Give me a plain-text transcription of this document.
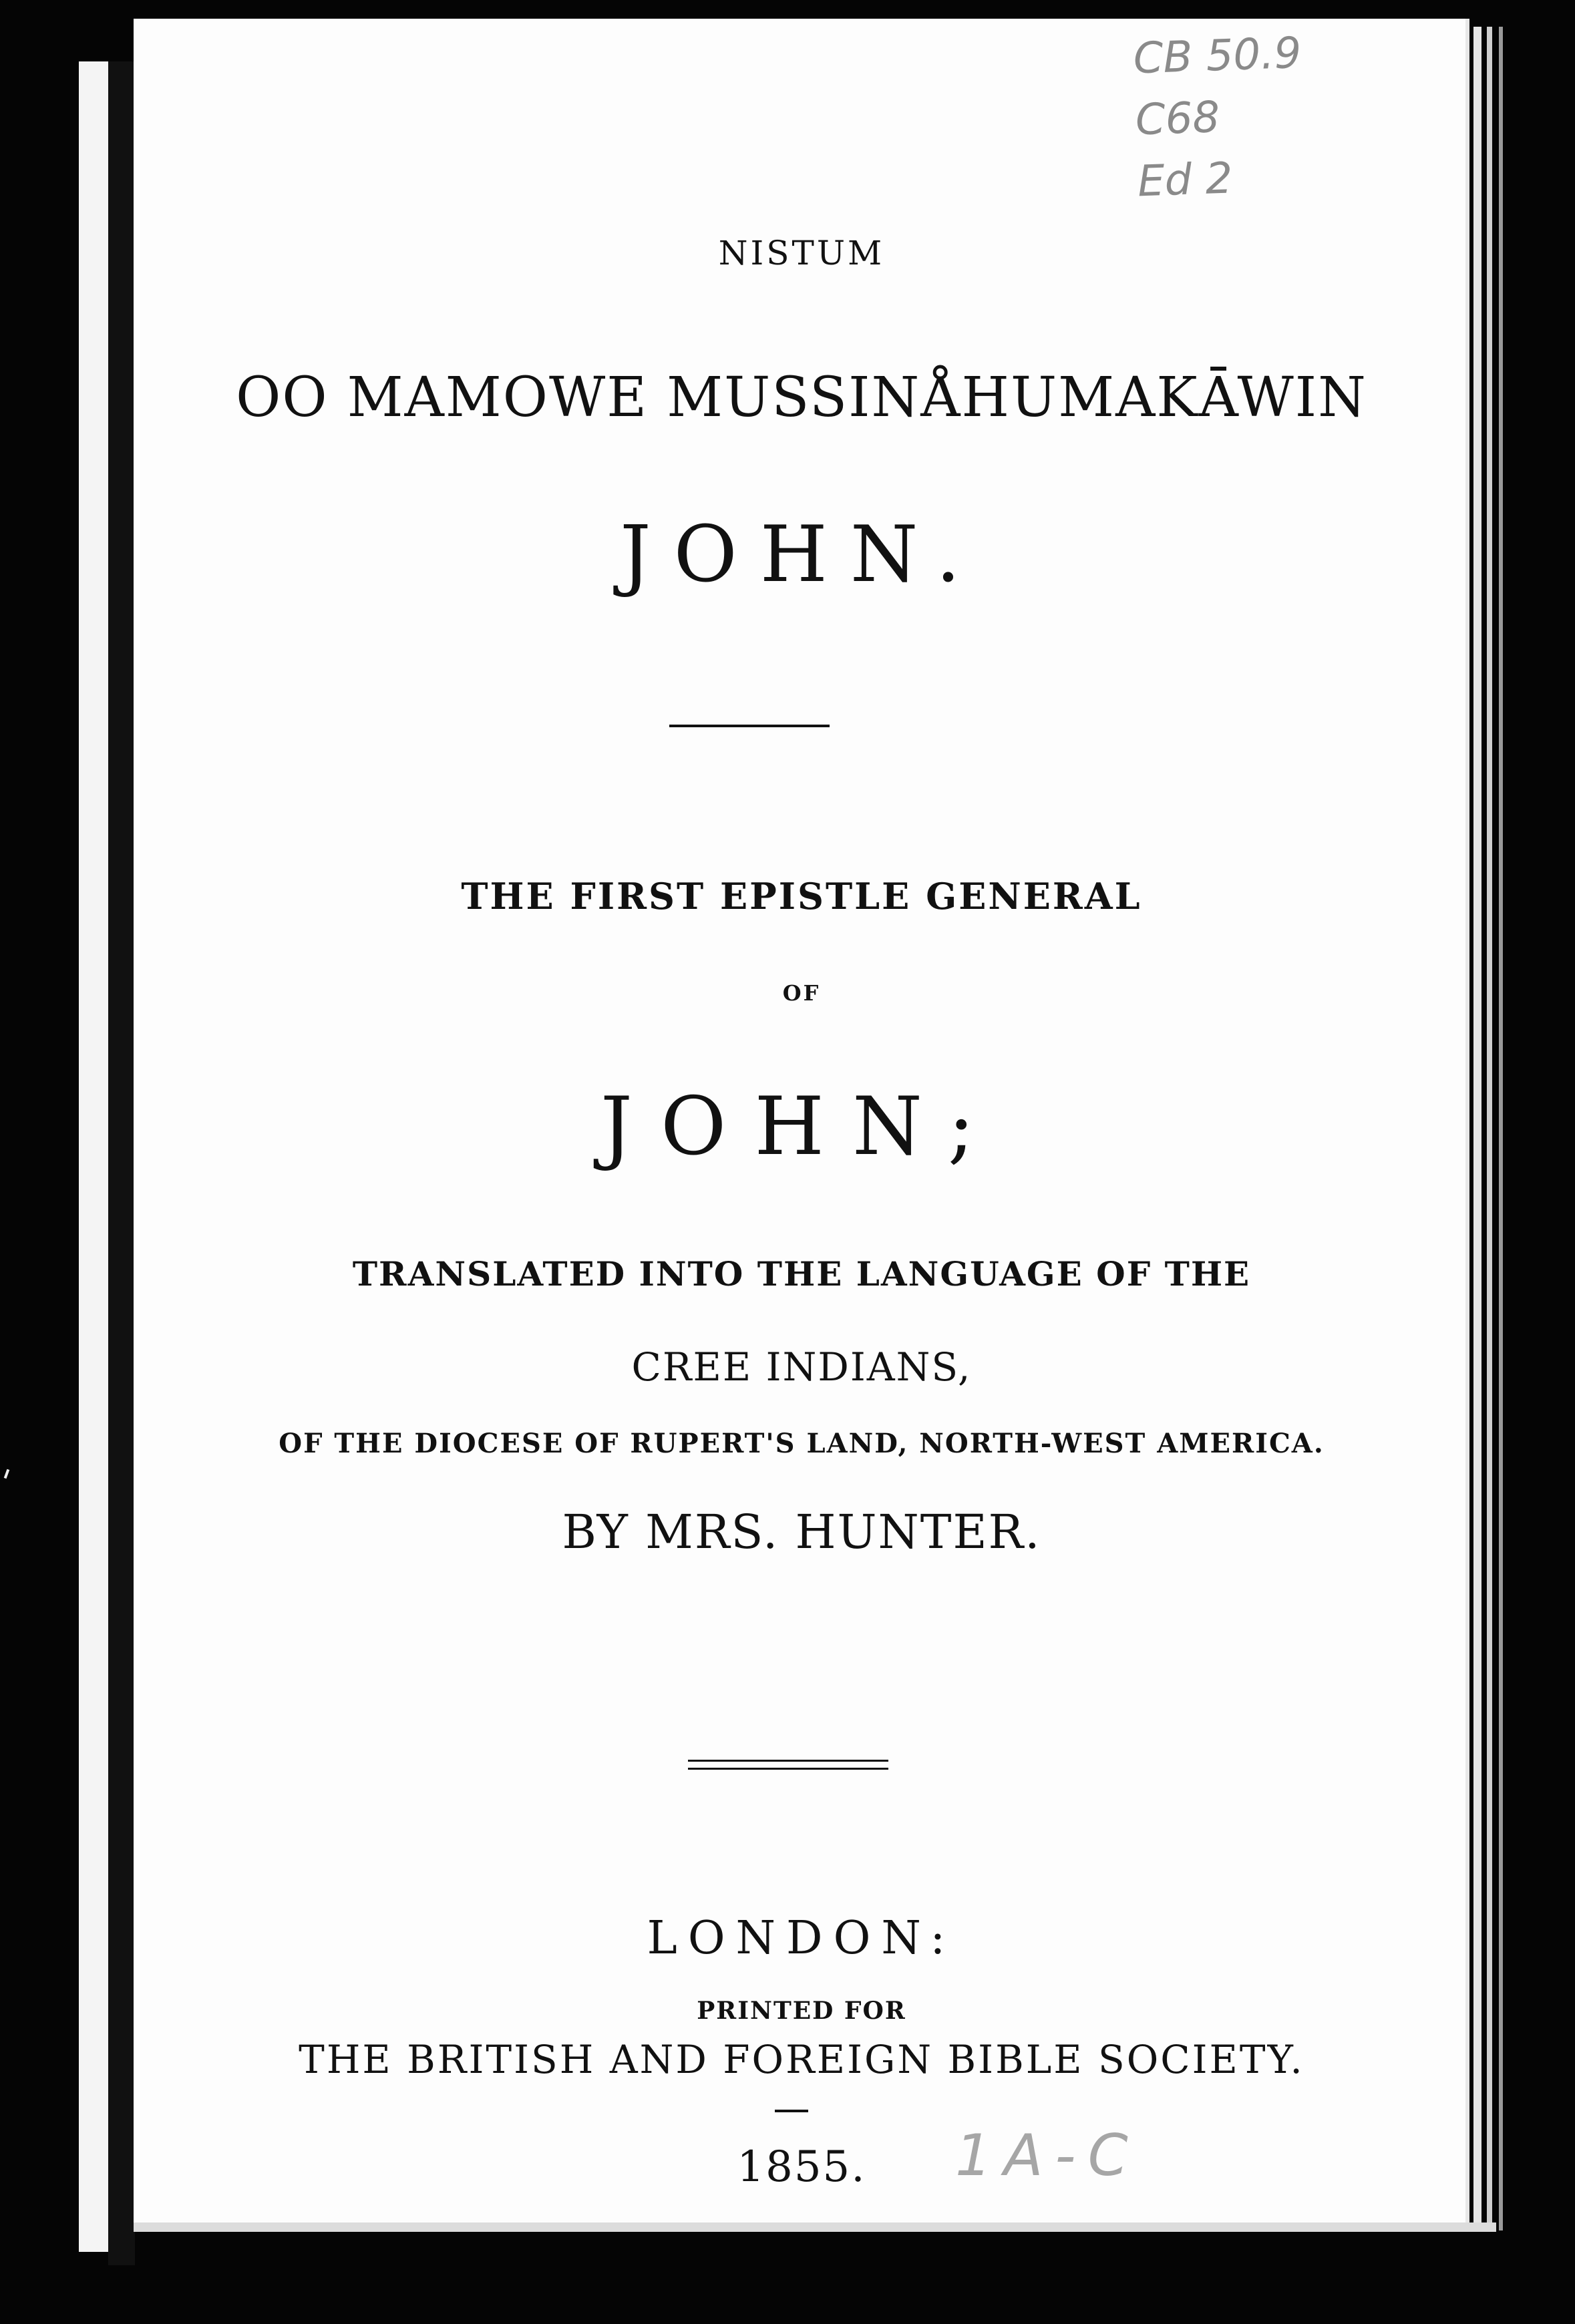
CB 50.9
C68
Ed 2
NISTUM
OO MAMOWE MUSSINÅHUMAKĀWIN
JOHN.
THE FIRST EPISTLE GENERAL
OF
JOHN;
TRANSLATED INTO THE LANGUAGE OF THE
CREE INDIANS,
OF THE DIOCESE OF RUPERT'S LAND, NORTH-WEST AMERICA.
BY MRS. HUNTER.
LONDON:
PRINTED FOR
THE BRITISH AND FOREIGN BIBLE SOCIETY.
1855.	1A-C
